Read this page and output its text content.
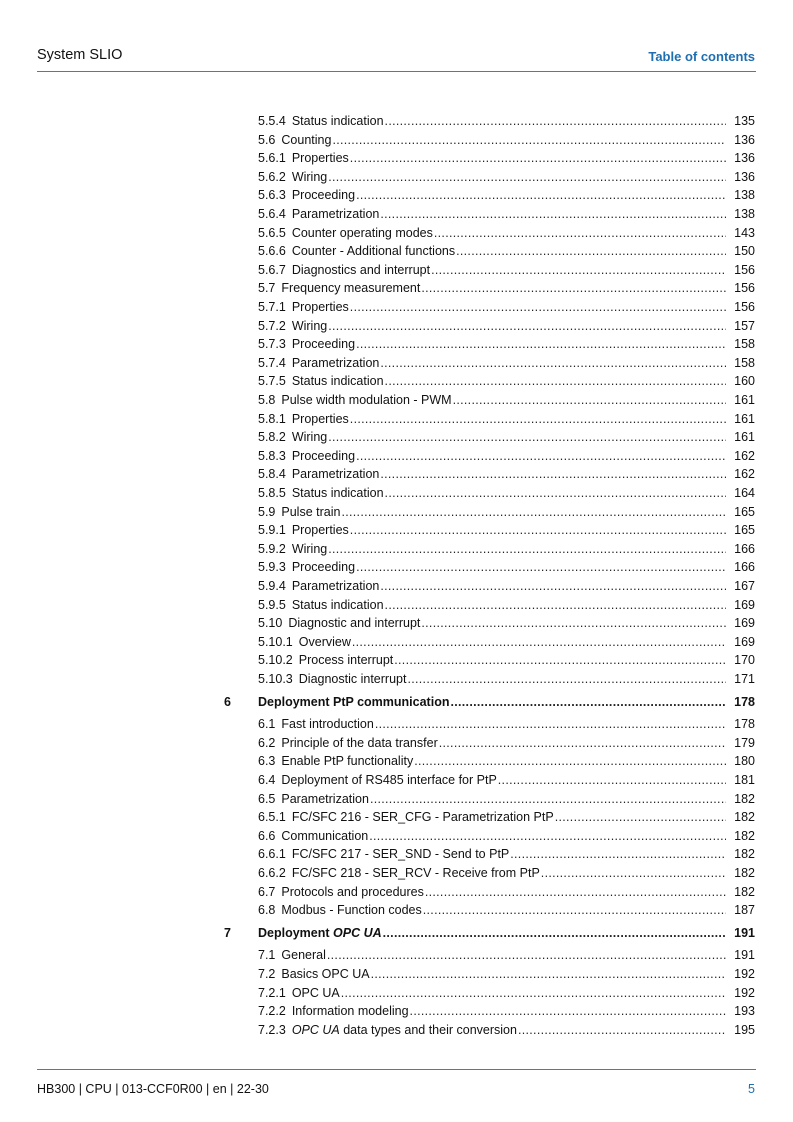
System SLIO	Table of contents
5.5.4 Status indication .....	135
5.6 Counting .....	136
5.6.1 Properties .....	136
5.6.2 Wiring .....	136
5.6.3 Proceeding .....	138
5.6.4 Parametrization .....	138
5.6.5 Counter operating modes .....	143
5.6.6 Counter - Additional functions .....	150
5.6.7 Diagnostics and interrupt .....	156
5.7 Frequency measurement .....	156
5.7.1 Properties .....	156
5.7.2 Wiring .....	157
5.7.3 Proceeding .....	158
5.7.4 Parametrization .....	158
5.7.5 Status indication .....	160
5.8 Pulse width modulation - PWM .....	161
5.8.1 Properties .....	161
5.8.2 Wiring .....	161
5.8.3 Proceeding .....	162
5.8.4 Parametrization .....	162
5.8.5 Status indication .....	164
5.9 Pulse train .....	165
5.9.1 Properties .....	165
5.9.2 Wiring .....	166
5.9.3 Proceeding .....	166
5.9.4 Parametrization .....	167
5.9.5 Status indication .....	169
5.10 Diagnostic and interrupt .....	169
5.10.1 Overview .....	169
5.10.2 Process interrupt .....	170
5.10.3 Diagnostic interrupt .....	171
6	Deployment PtP communication .....	178
6.1 Fast introduction .....	178
6.2 Principle of the data transfer .....	179
6.3 Enable PtP functionality .....	180
6.4 Deployment of RS485 interface for PtP .....	181
6.5 Parametrization .....	182
6.5.1 FC/SFC 216 - SER_CFG - Parametrization PtP .....	182
6.6 Communication .....	182
6.6.1 FC/SFC 217 - SER_SND - Send to PtP .....	182
6.6.2 FC/SFC 218 - SER_RCV - Receive from PtP .....	182
6.7 Protocols and procedures .....	182
6.8 Modbus - Function codes .....	187
7	Deployment OPC UA .....	191
7.1 General .....	191
7.2 Basics OPC UA .....	192
7.2.1 OPC UA .....	192
7.2.2 Information modeling .....	193
7.2.3 OPC UA data types and their conversion .....	195
HB300 | CPU | 013-CCF0R00 | en | 22-30	5
